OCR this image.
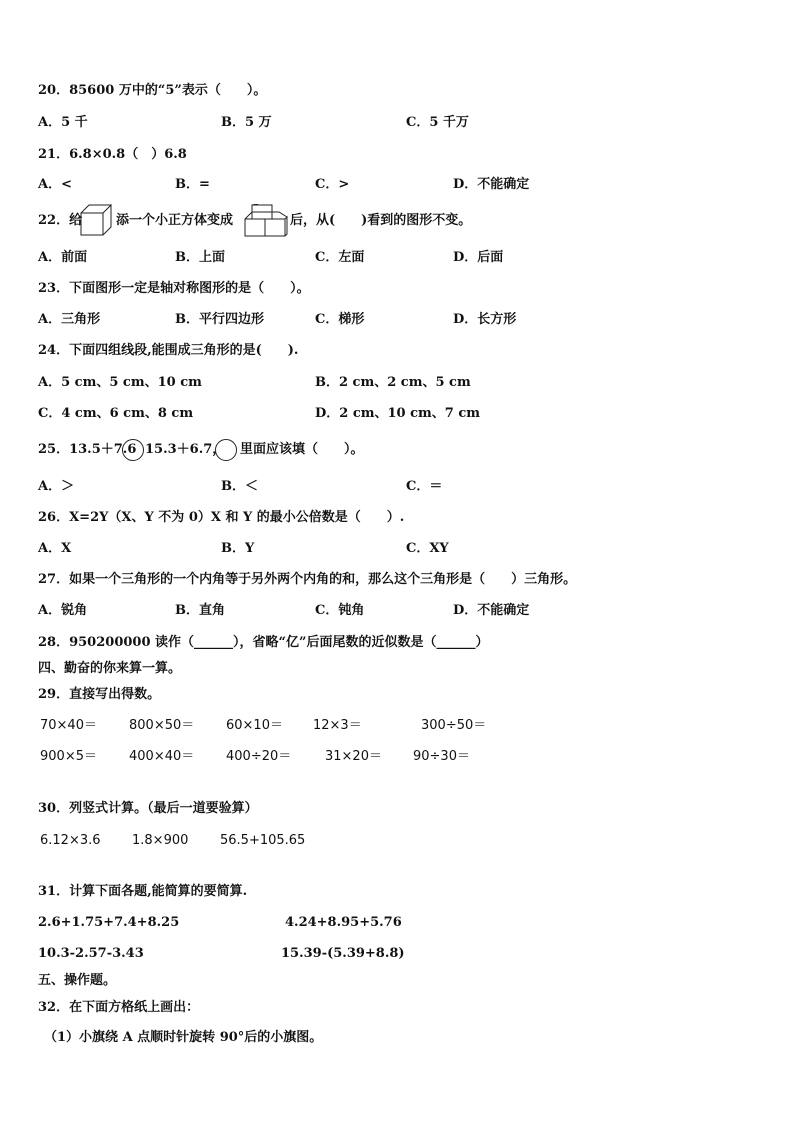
20．85600 万中的“5”表示（　　）。
A．5 千	B．5 万	C．5 千万
21．6.8×0.8（　）6.8
A．<	B．=	C．>	D．不能确定
22．给	添一个小正方体变成	后，从(　　)看到的图形不变。
A．前面	B．上面	C．左面	D．后面
23．下面图形一定是轴对称图形的是（　　）。
A．三角形	B．平行四边形	C．梯形	D．长方形
24．下面四组线段,能围成三角形的是(　　).
A．5 cm、5 cm、10 cm	B．2 cm、2 cm、5 cm
C．4 cm、6 cm、8 cm	D．2 cm、10 cm、7 cm
25．13.5＋7.6 15.3＋6.7， 里面应该填（　　）。
A．＞	B．＜	C．＝
26．X=2Y（X、Y 不为 0）X 和 Y 的最小公倍数是（　　）.
A．X	B．Y	C．XY
27．如果一个三角形的一个内角等于另外两个内角的和，那么这个三角形是（　　）三角形。
A．锐角	B．直角	C．钝角	D．不能确定
28．950200000 读作（______），省略“亿”后面尾数的近似数是（______）
四、勤奋的你来算一算。
29．直接写出得数。
70×40＝ 800×50＝ 60×10＝ 12×3＝	300÷50＝
900×5＝ 400×40＝ 400÷20＝	31×20＝ 90÷30＝
30．列竖式计算。（最后一道要验算）
6.12×3.6 1.8×900 56.5+105.65
31．计算下面各题,能简算的要简算.
2.6+1.75+7.4+8.25	4.24+8.95+5.76
10.3-2.57-3.43	15.39-(5.39+8.8)
五、操作题。
32．在下面方格纸上画出：
（1）小旗绕 A 点顺时针旋转 90°后的小旗图。
